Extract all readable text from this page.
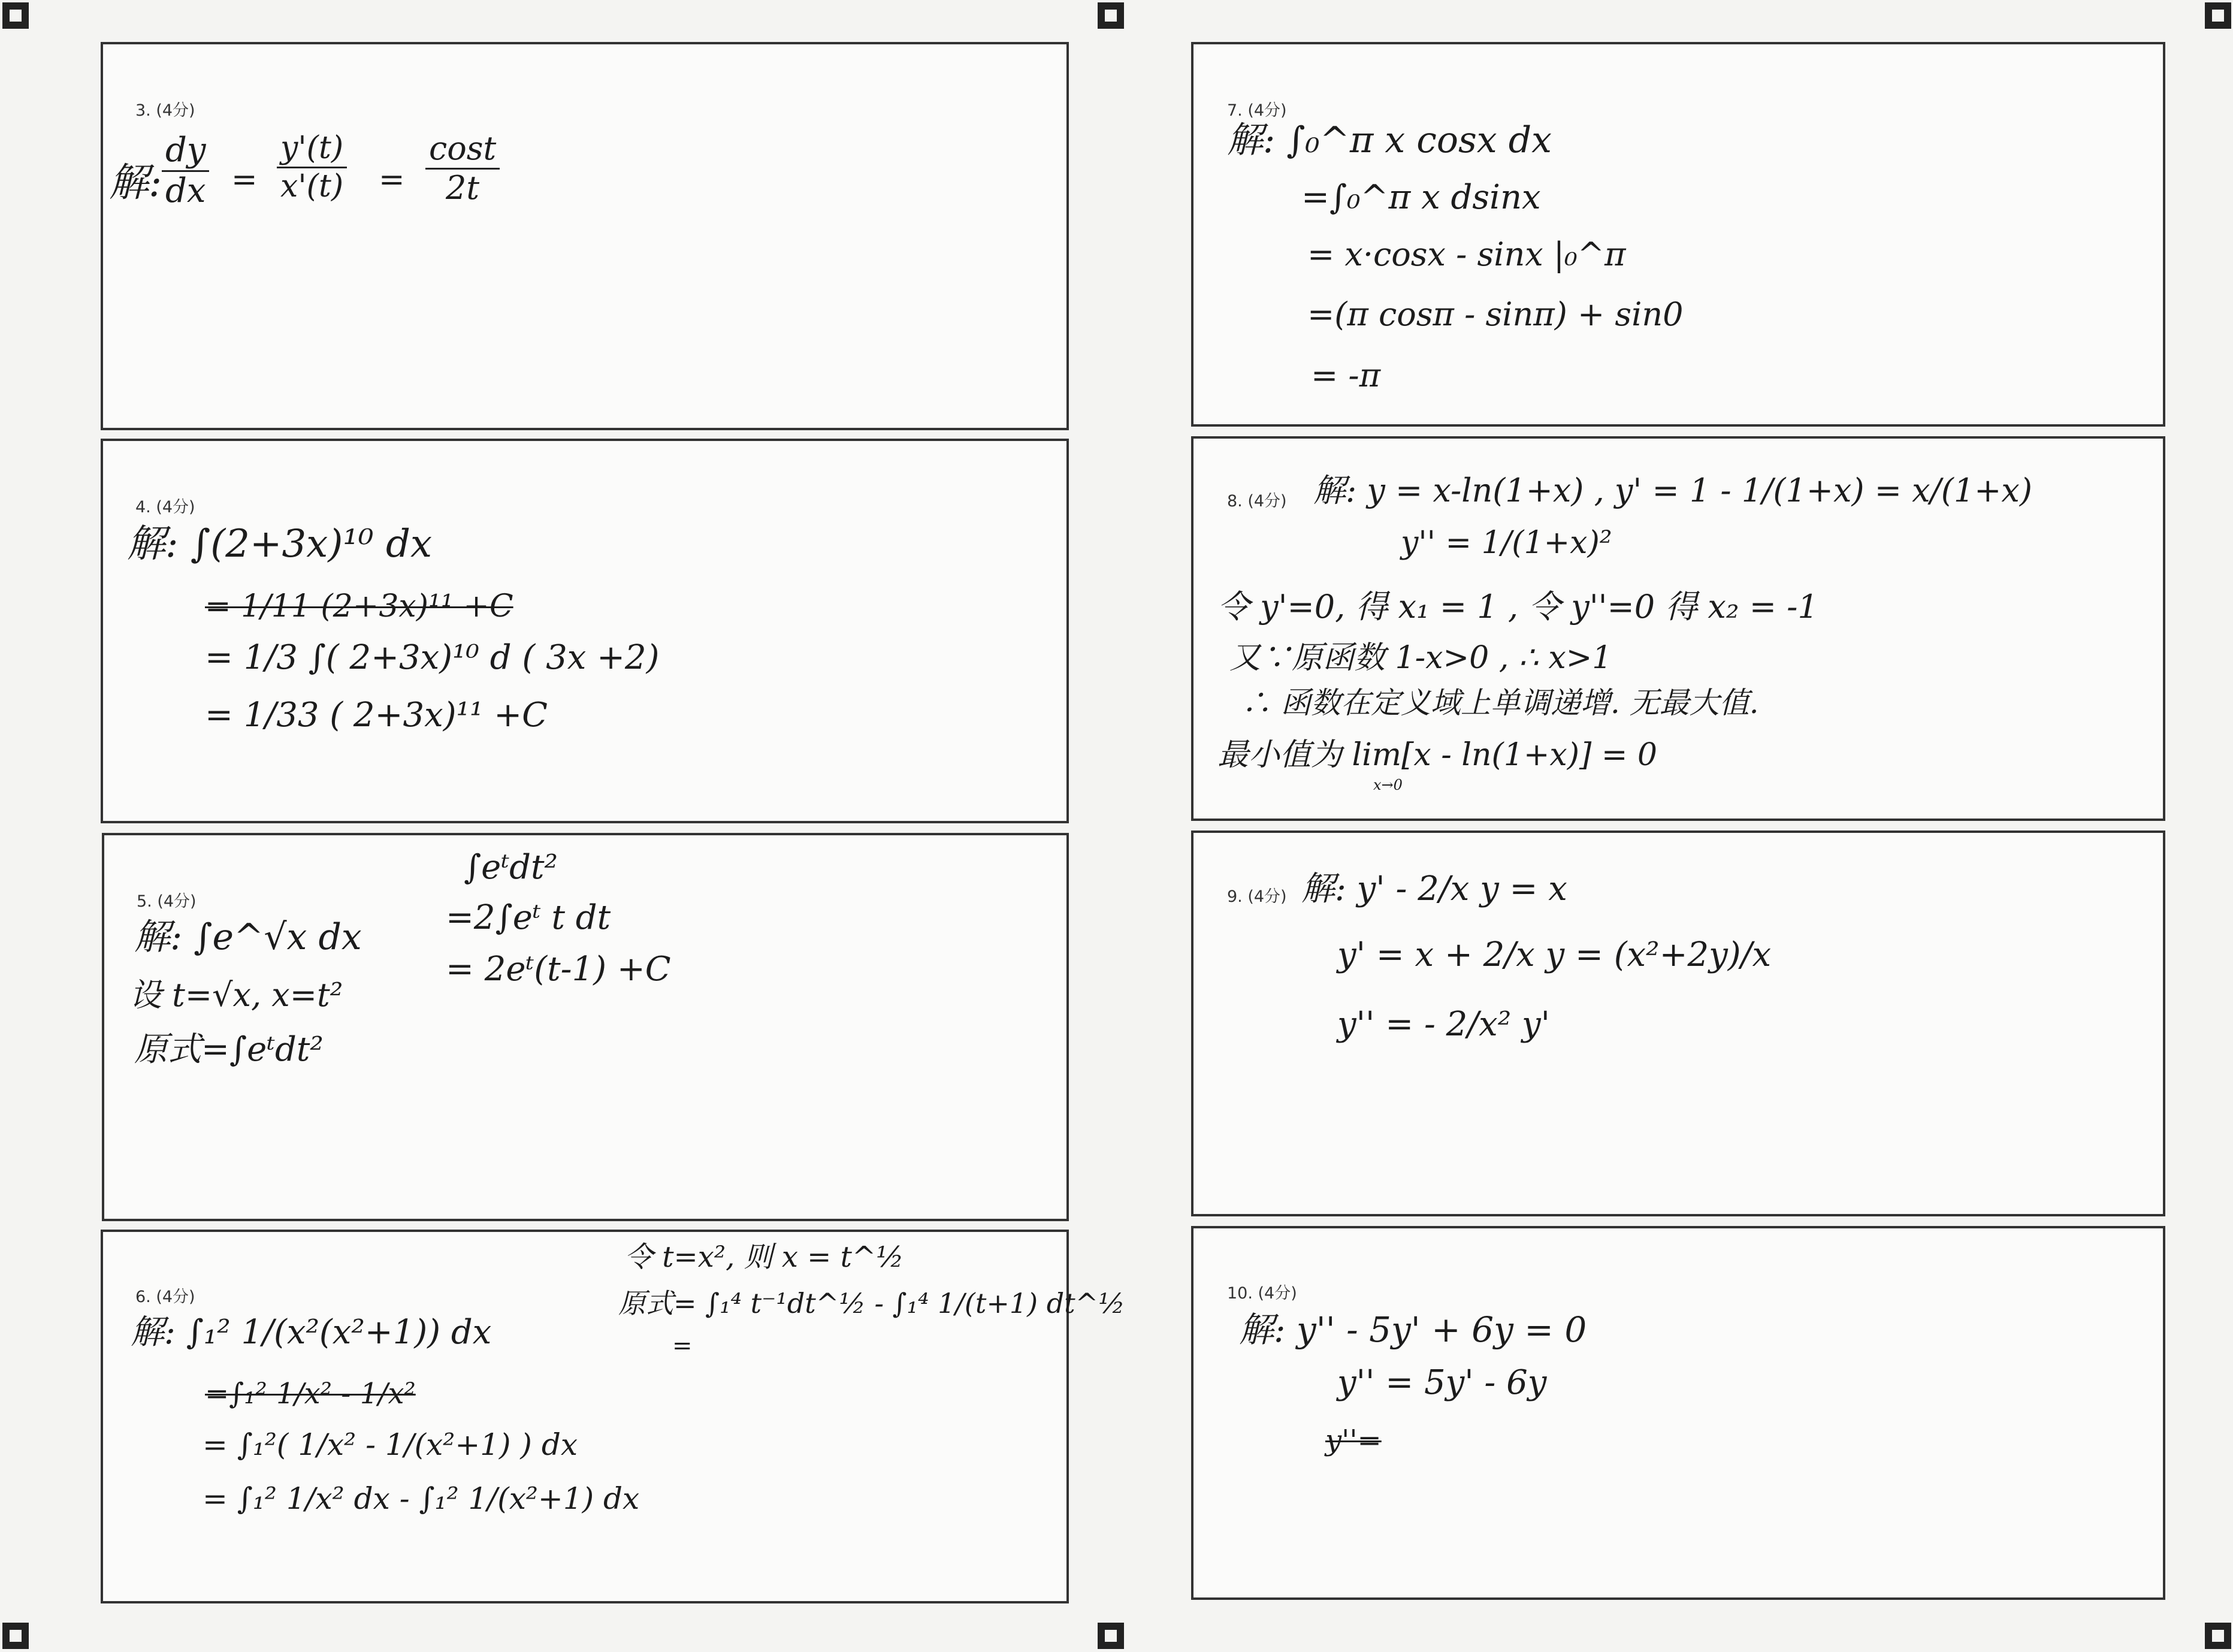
3. (4分)
解: $\frac{dy}{dx} = \frac{y'(t)}{x'(t)} = \frac{\cos t}{2t}$
4. (4分)
解: ∫(2+3x)¹⁰ dx
= 1/11 (2+3x)¹¹ +C
= 1/3 ∫( 2+3x)¹⁰ d ( 3x +2)
= 1/33 ( 2+3x)¹¹ +C
5. (4分)
解: ∫e^√x dx
设 t=√x, x=t²
原式=∫eᵗdt²
∫eᵗdt²
=2∫eᵗ t dt
= 2eᵗ(t-1) +C
6. (4分)
解: ∫₁² 1/(x²(x²+1)) dx
=∫₁² 1/x² - 1/x²
= ∫₁²( 1/x² - 1/(x²+1) ) dx
= ∫₁² 1/x² dx - ∫₁² 1/(x²+1) dx
令 t=x², 则 x = t^½
原式= ∫₁⁴ t⁻¹dt^½ - ∫₁⁴ 1/(t+1) dt^½
=
7. (4分)
解: ∫₀^π x cosx dx
=∫₀^π x dsinx
= x·cosx - sinx |₀^π
=(π cosπ - sinπ) + sin0
= -π
8. (4分) 解: y = x-ln(1+x) , y' = 1 - 1/(1+x) = x/(1+x)
y'' = 1/(1+x)²
令 y'=0, 得 x₁ = 1 , 令 y''=0 得 x₂ = -1
又∵原函数 1-x>0 , ∴ x>1
∴ 函数在定义域上单调递增. 无最大值.
最小值为 lim[x - ln(1+x)] = 0
x→0
9. (4分) 解: y' - 2/x y = x
y' = x + 2/x y = (x²+2y)/x
y'' = - 2/x² y'
10. (4分)
解: y'' - 5y' + 6y = 0
y'' = 5y' - 6y
y''=
